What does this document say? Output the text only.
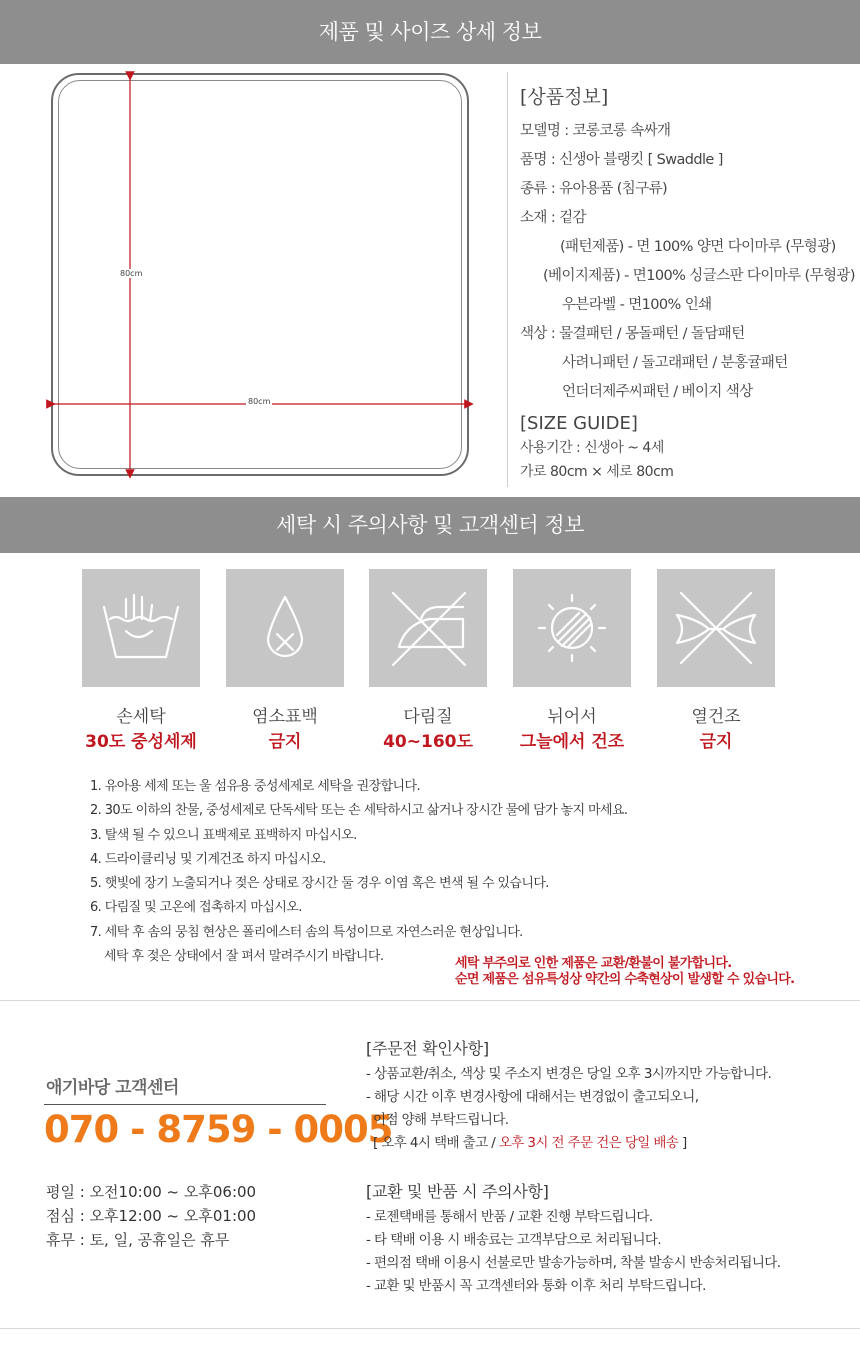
제품 및 사이즈 상세 정보
80cm
80cm
[상품정보]
모델명 : 코롱코롱 속싸개
품명 : 신생아 블랭킷 [ Swaddle ]
종류 : 유아용품 (침구류)
소재 : 겉감
(패턴제품) - 면 100% 양면 다이마루 (무형광)
(베이지제품) - 면100% 싱글스판 다이마루 (무형광)
우븐라벨 - 면100% 인쇄
색상 : 물결패턴 / 몽돌패턴 / 돌담패턴
사려니패턴 / 돌고래패턴 / 분홍귤패턴
언더더제주씨패턴 / 베이지 색상
[SIZE GUIDE]
사용기간 : 신생아 ~ 4세
가로 80cm × 세로 80cm
세탁 시 주의사항 및 고객센터 정보
손세탁
30도 중성세제
염소표백
금지
다림질
40~160도
뉘어서
그늘에서 건조
열건조
금지
1. 유아용 세제 또는 울 섬유용 중성세제로 세탁을 권장합니다.
2. 30도 이하의 찬물, 중성세제로 단독세탁 또는 손 세탁하시고 삶거나 장시간 물에 담가 놓지 마세요.
3. 탈색 될 수 있으니 표백제로 표백하지 마십시오.
4. 드라이클리닝 및 기계건조 하지 마십시오.
5. 햇빛에 장기 노출되거나 젖은 상태로 장시간 둘 경우 이염 혹은 변색 될 수 있습니다.
6. 다림질 및 고온에 접촉하지 마십시오.
7. 세탁 후 솜의 뭉침 현상은 폴리에스터 솜의 특성이므로 자연스러운 현상입니다.
세탁 후 젖은 상태에서 잘 펴서 말려주시기 바랍니다.	세탁 부주의로 인한 제품은 교환/환불이 불가합니다.
순면 제품은 섬유특성상 약간의 수축현상이 발생할 수 있습니다.
애기바당 고객센터
070 - 8759 - 0005
평일 : 오전10:00 ~ 오후06:00
점심 : 오후12:00 ~ 오후01:00
휴무 : 토, 일, 공휴일은 휴무
[주문전 확인사항]
- 상품교환/취소, 색상 및 주소지 변경은 당일 오후 3시까지만 가능합니다.
- 해당 시간 이후 변경사항에 대해서는 변경없이 출고되오니,
이점 양해 부탁드립니다.
[ 오후 4시 택배 출고 / 오후 3시 전 주문 건은 당일 배송 ]
[교환 및 반품 시 주의사항]
- 로젠택배를 통해서 반품 / 교환 진행 부탁드립니다.
- 타 택배 이용 시 배송료는 고객부담으로 처리됩니다.
- 편의점 택배 이용시 선불로만 발송가능하며, 착불 발송시 반송처리됩니다.
- 교환 및 반품시 꼭 고객센터와 통화 이후 처리 부탁드립니다.
